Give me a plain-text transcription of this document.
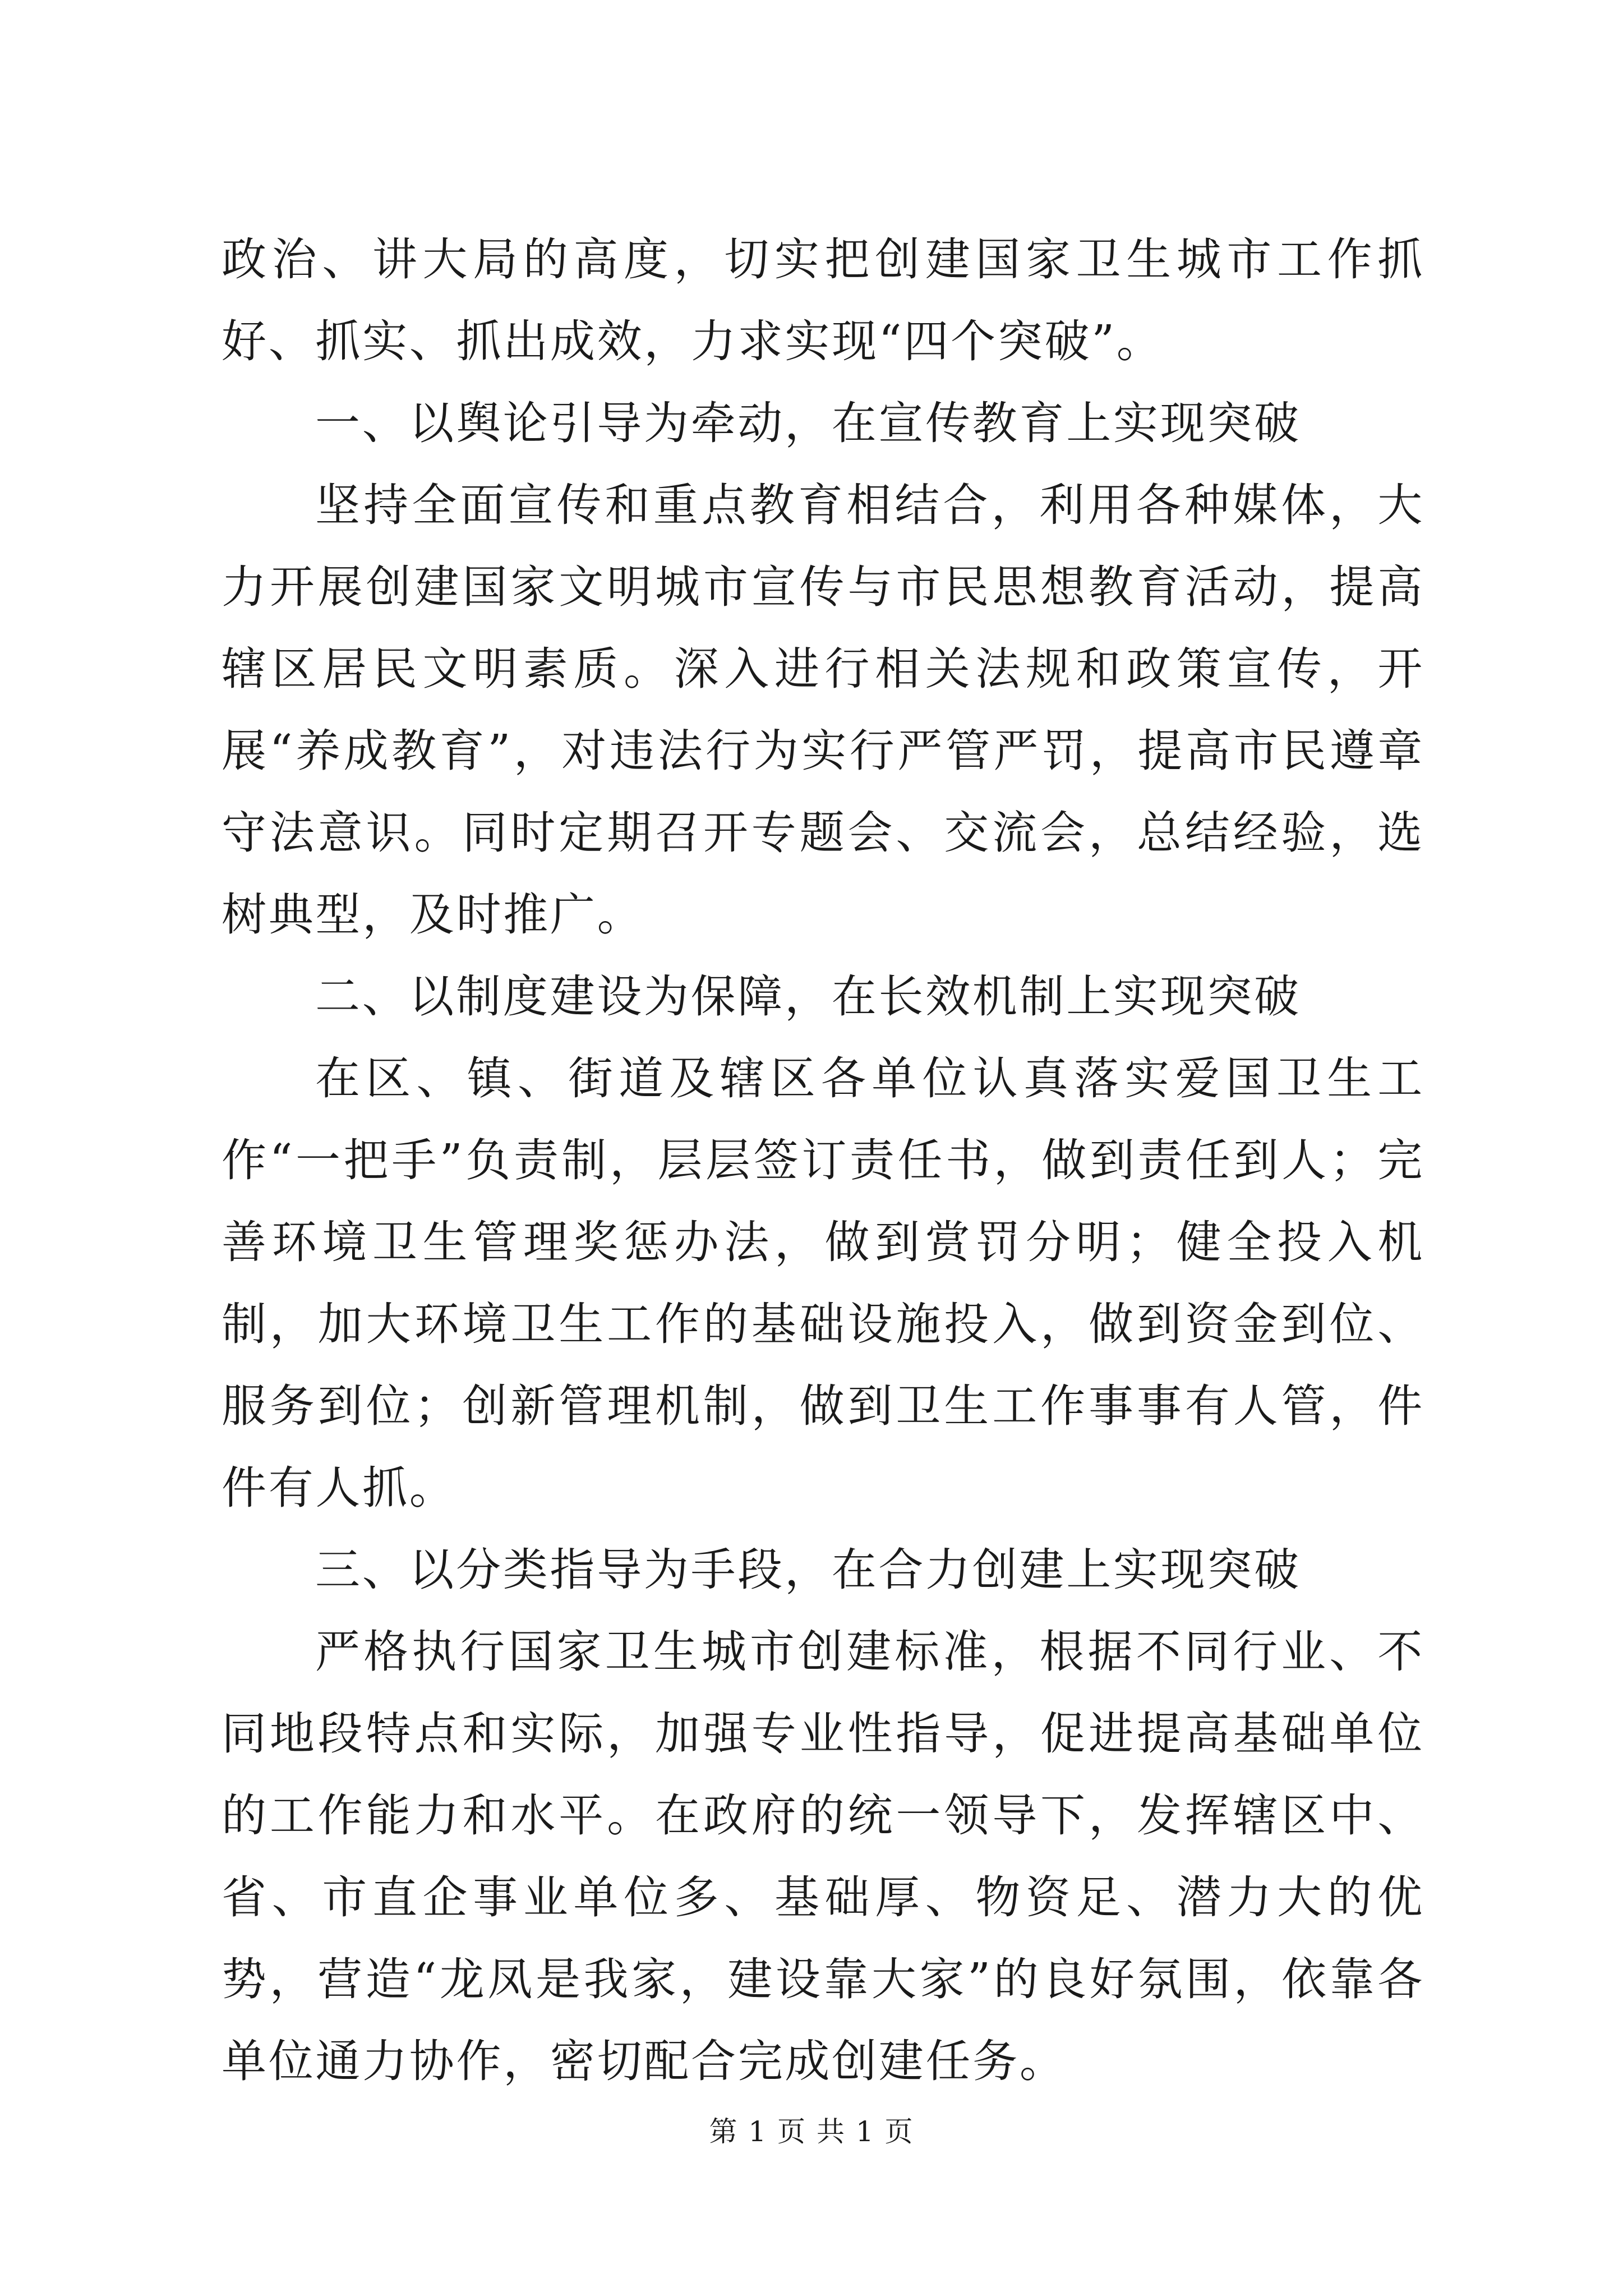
政治、讲大局的高度，切实把创建国家卫生城市工作抓好、抓实、抓出成效，力求实现“四个突破”。

一、以舆论引导为牵动，在宣传教育上实现突破

坚持全面宣传和重点教育相结合，利用各种媒体，大力开展创建国家文明城市宣传与市民思想教育活动，提高辖区居民文明素质。深入进行相关法规和政策宣传，开展“养成教育”，对违法行为实行严管严罚，提高市民遵章守法意识。同时定期召开专题会、交流会，总结经验，选树典型，及时推广。

二、以制度建设为保障，在长效机制上实现突破

在区、镇、街道及辖区各单位认真落实爱国卫生工作“一把手”负责制，层层签订责任书，做到责任到人；完善环境卫生管理奖惩办法，做到赏罚分明；健全投入机制，加大环境卫生工作的基础设施投入，做到资金到位、服务到位；创新管理机制，做到卫生工作事事有人管，件件有人抓。

三、以分类指导为手段，在合力创建上实现突破

严格执行国家卫生城市创建标准，根据不同行业、不同地段特点和实际，加强专业性指导，促进提高基础单位的工作能力和水平。在政府的统一领导下，发挥辖区中、省、市直企事业单位多、基础厚、物资足、潜力大的优势，营造“龙凤是我家，建设靠大家”的良好氛围，依靠各单位通力协作，密切配合完成创建任务。

第 1 页 共 1 页
